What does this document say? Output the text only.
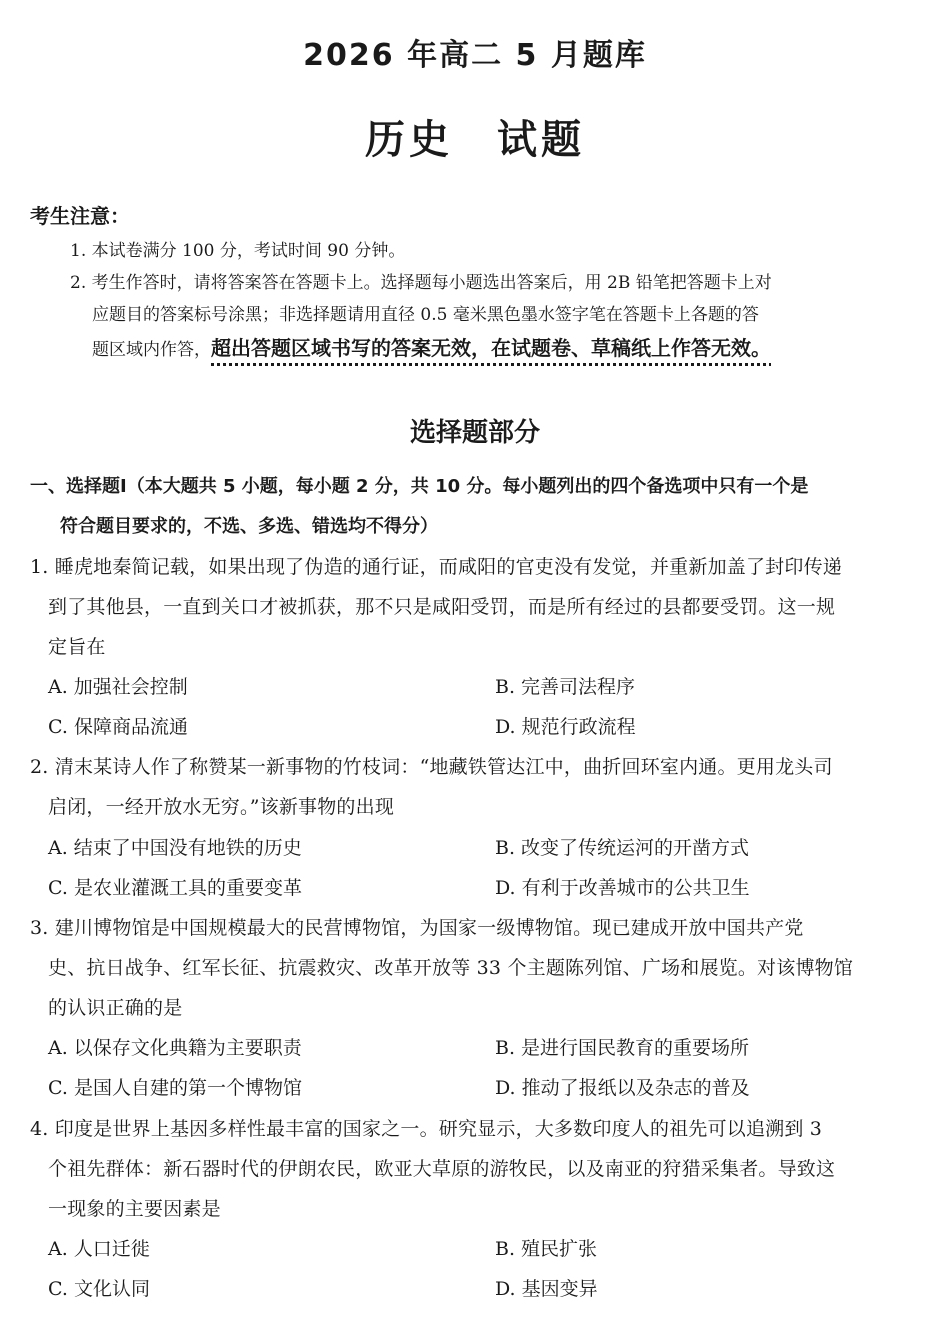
2026 年高二 5 月题库
历史　试题
考生注意：
1. 本试卷满分 100 分，考试时间 90 分钟。
2. 考生作答时，请将答案答在答题卡上。选择题每小题选出答案后，用 2B 铅笔把答题卡上对
应题目的答案标号涂黑；非选择题请用直径 0.5 毫米黑色墨水签字笔在答题卡上各题的答
题区域内作答，超出答题区域书写的答案无效，在试题卷、草稿纸上作答无效。
选择题部分
一、选择题Ⅰ（本大题共 5 小题，每小题 2 分，共 10 分。每小题列出的四个备选项中只有一个是
符合题目要求的，不选、多选、错选均不得分）
1. 睡虎地秦简记载，如果出现了伪造的通行证，而咸阳的官吏没有发觉，并重新加盖了封印传递
到了其他县，一直到关口才被抓获，那不只是咸阳受罚，而是所有经过的县都要受罚。这一规
定旨在
A. 加强社会控制	B. 完善司法程序
C. 保障商品流通	D. 规范行政流程
2. 清末某诗人作了称赞某一新事物的竹枝词：“地藏铁管达江中，曲折回环室内通。更用龙头司
启闭，一经开放水无穷。”该新事物的出现
A. 结束了中国没有地铁的历史	B. 改变了传统运河的开凿方式
C. 是农业灌溉工具的重要变革	D. 有利于改善城市的公共卫生
3. 建川博物馆是中国规模最大的民营博物馆，为国家一级博物馆。现已建成开放中国共产党
史、抗日战争、红军长征、抗震救灾、改革开放等 33 个主题陈列馆、广场和展览。对该博物馆
的认识正确的是
A. 以保存文化典籍为主要职责	B. 是进行国民教育的重要场所
C. 是国人自建的第一个博物馆	D. 推动了报纸以及杂志的普及
4. 印度是世界上基因多样性最丰富的国家之一。研究显示，大多数印度人的祖先可以追溯到 3
个祖先群体：新石器时代的伊朗农民，欧亚大草原的游牧民，以及南亚的狩猎采集者。导致这
一现象的主要因素是
A. 人口迁徙	B. 殖民扩张
C. 文化认同	D. 基因变异
